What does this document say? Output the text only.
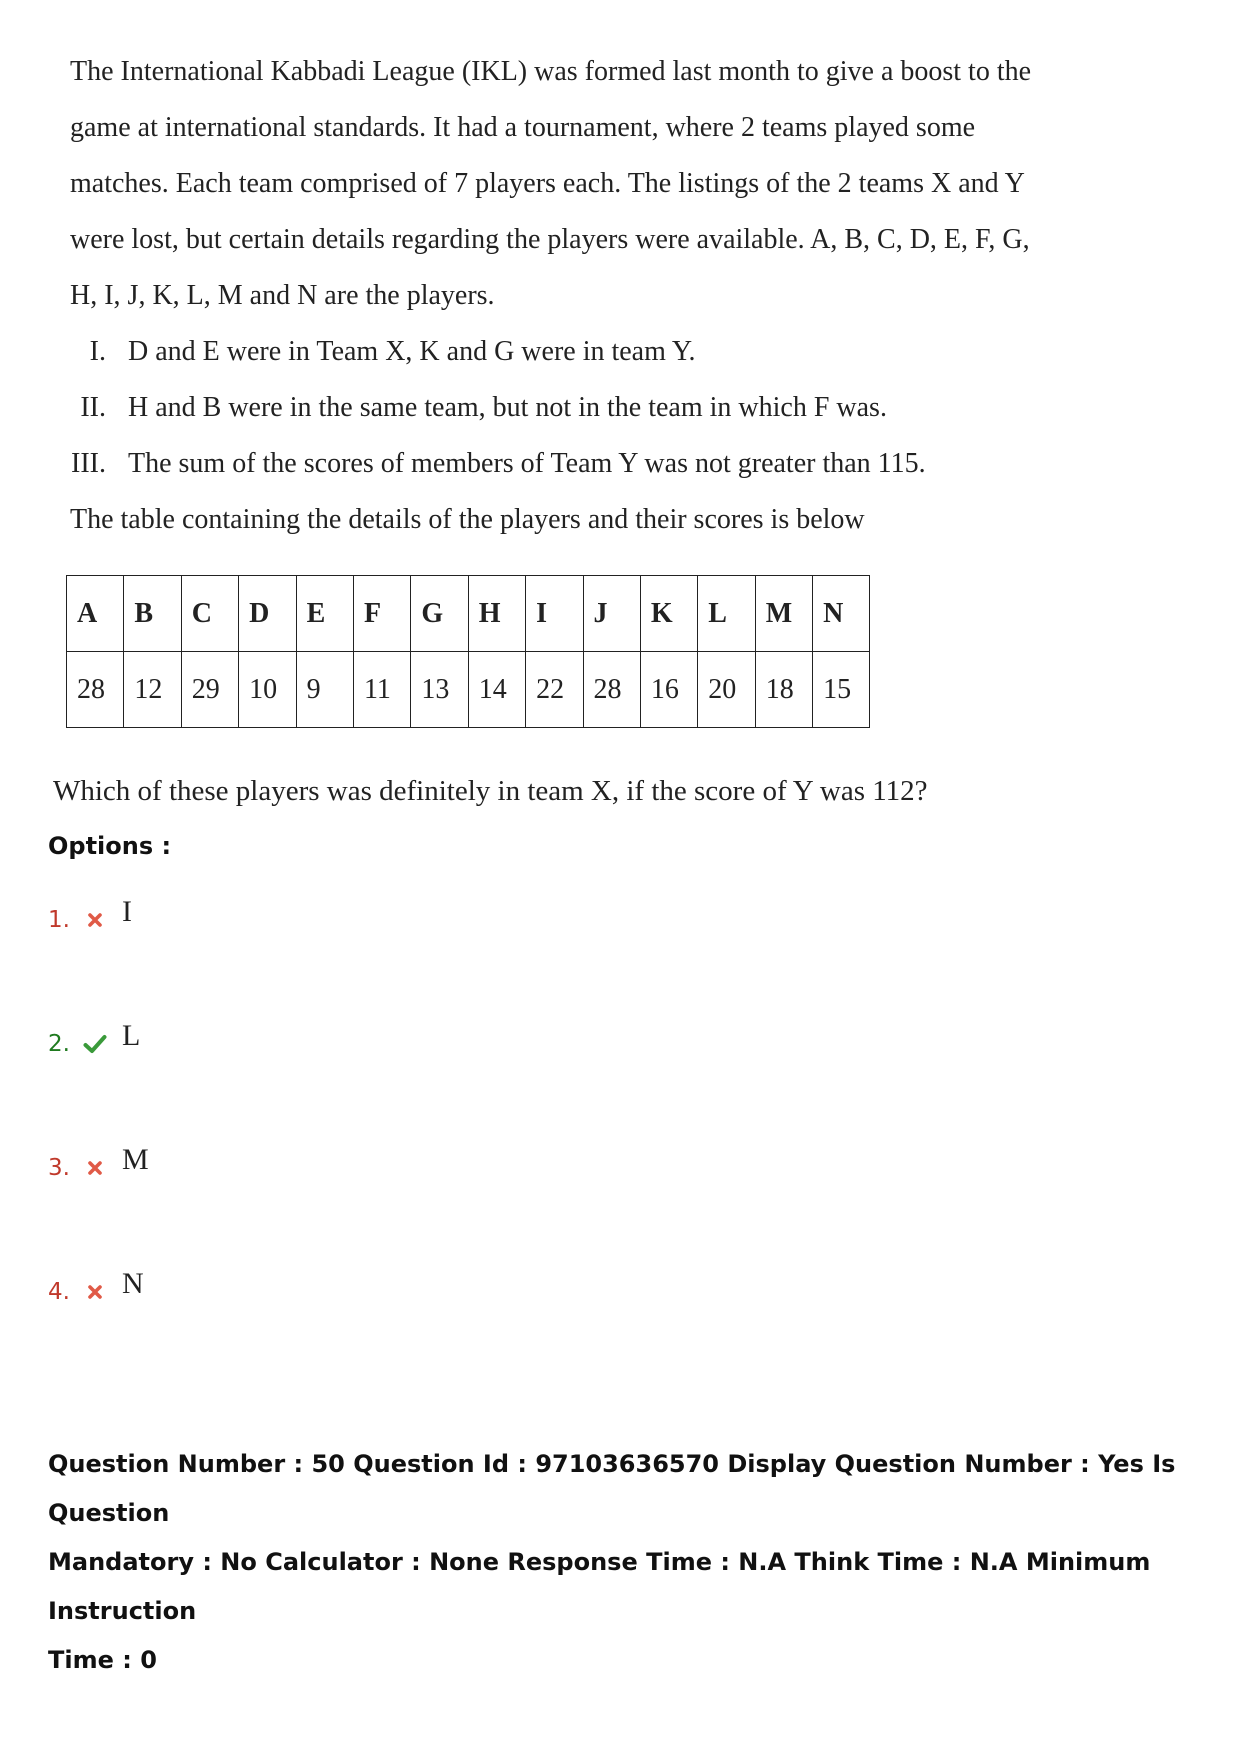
The International Kabbadi League (IKL) was formed last month to give a boost to the

game at international standards. It had a tournament, where 2 teams played some

matches. Each team comprised of 7 players each. The listings of the 2 teams X and Y

were lost, but certain details regarding the players were available. A, B, C, D, E, F, G,

H, I, J, K, L, M and N are the players.

I. D and E were in Team X, K and G were in team Y.
II. H and B were in the same team, but not in the team in which F was.
III. The sum of the scores of members of Team Y was not greater than 115.

The table containing the details of the players and their scores is below

A	B	C	D	E	F	G	H	I	J	K	L	M	N
28	12	29	10	9	11	13	14	22	28	16	20	18	15
Which of these players was definitely in team X, if the score of Y was 112?
Options :
1. I
2. L
3. M
4. N
Question Number : 50 Question Id : 97103636570 Display Question Number : Yes Is Question
Mandatory : No Calculator : None Response Time : N.A Think Time : N.A Minimum Instruction
Time : 0
